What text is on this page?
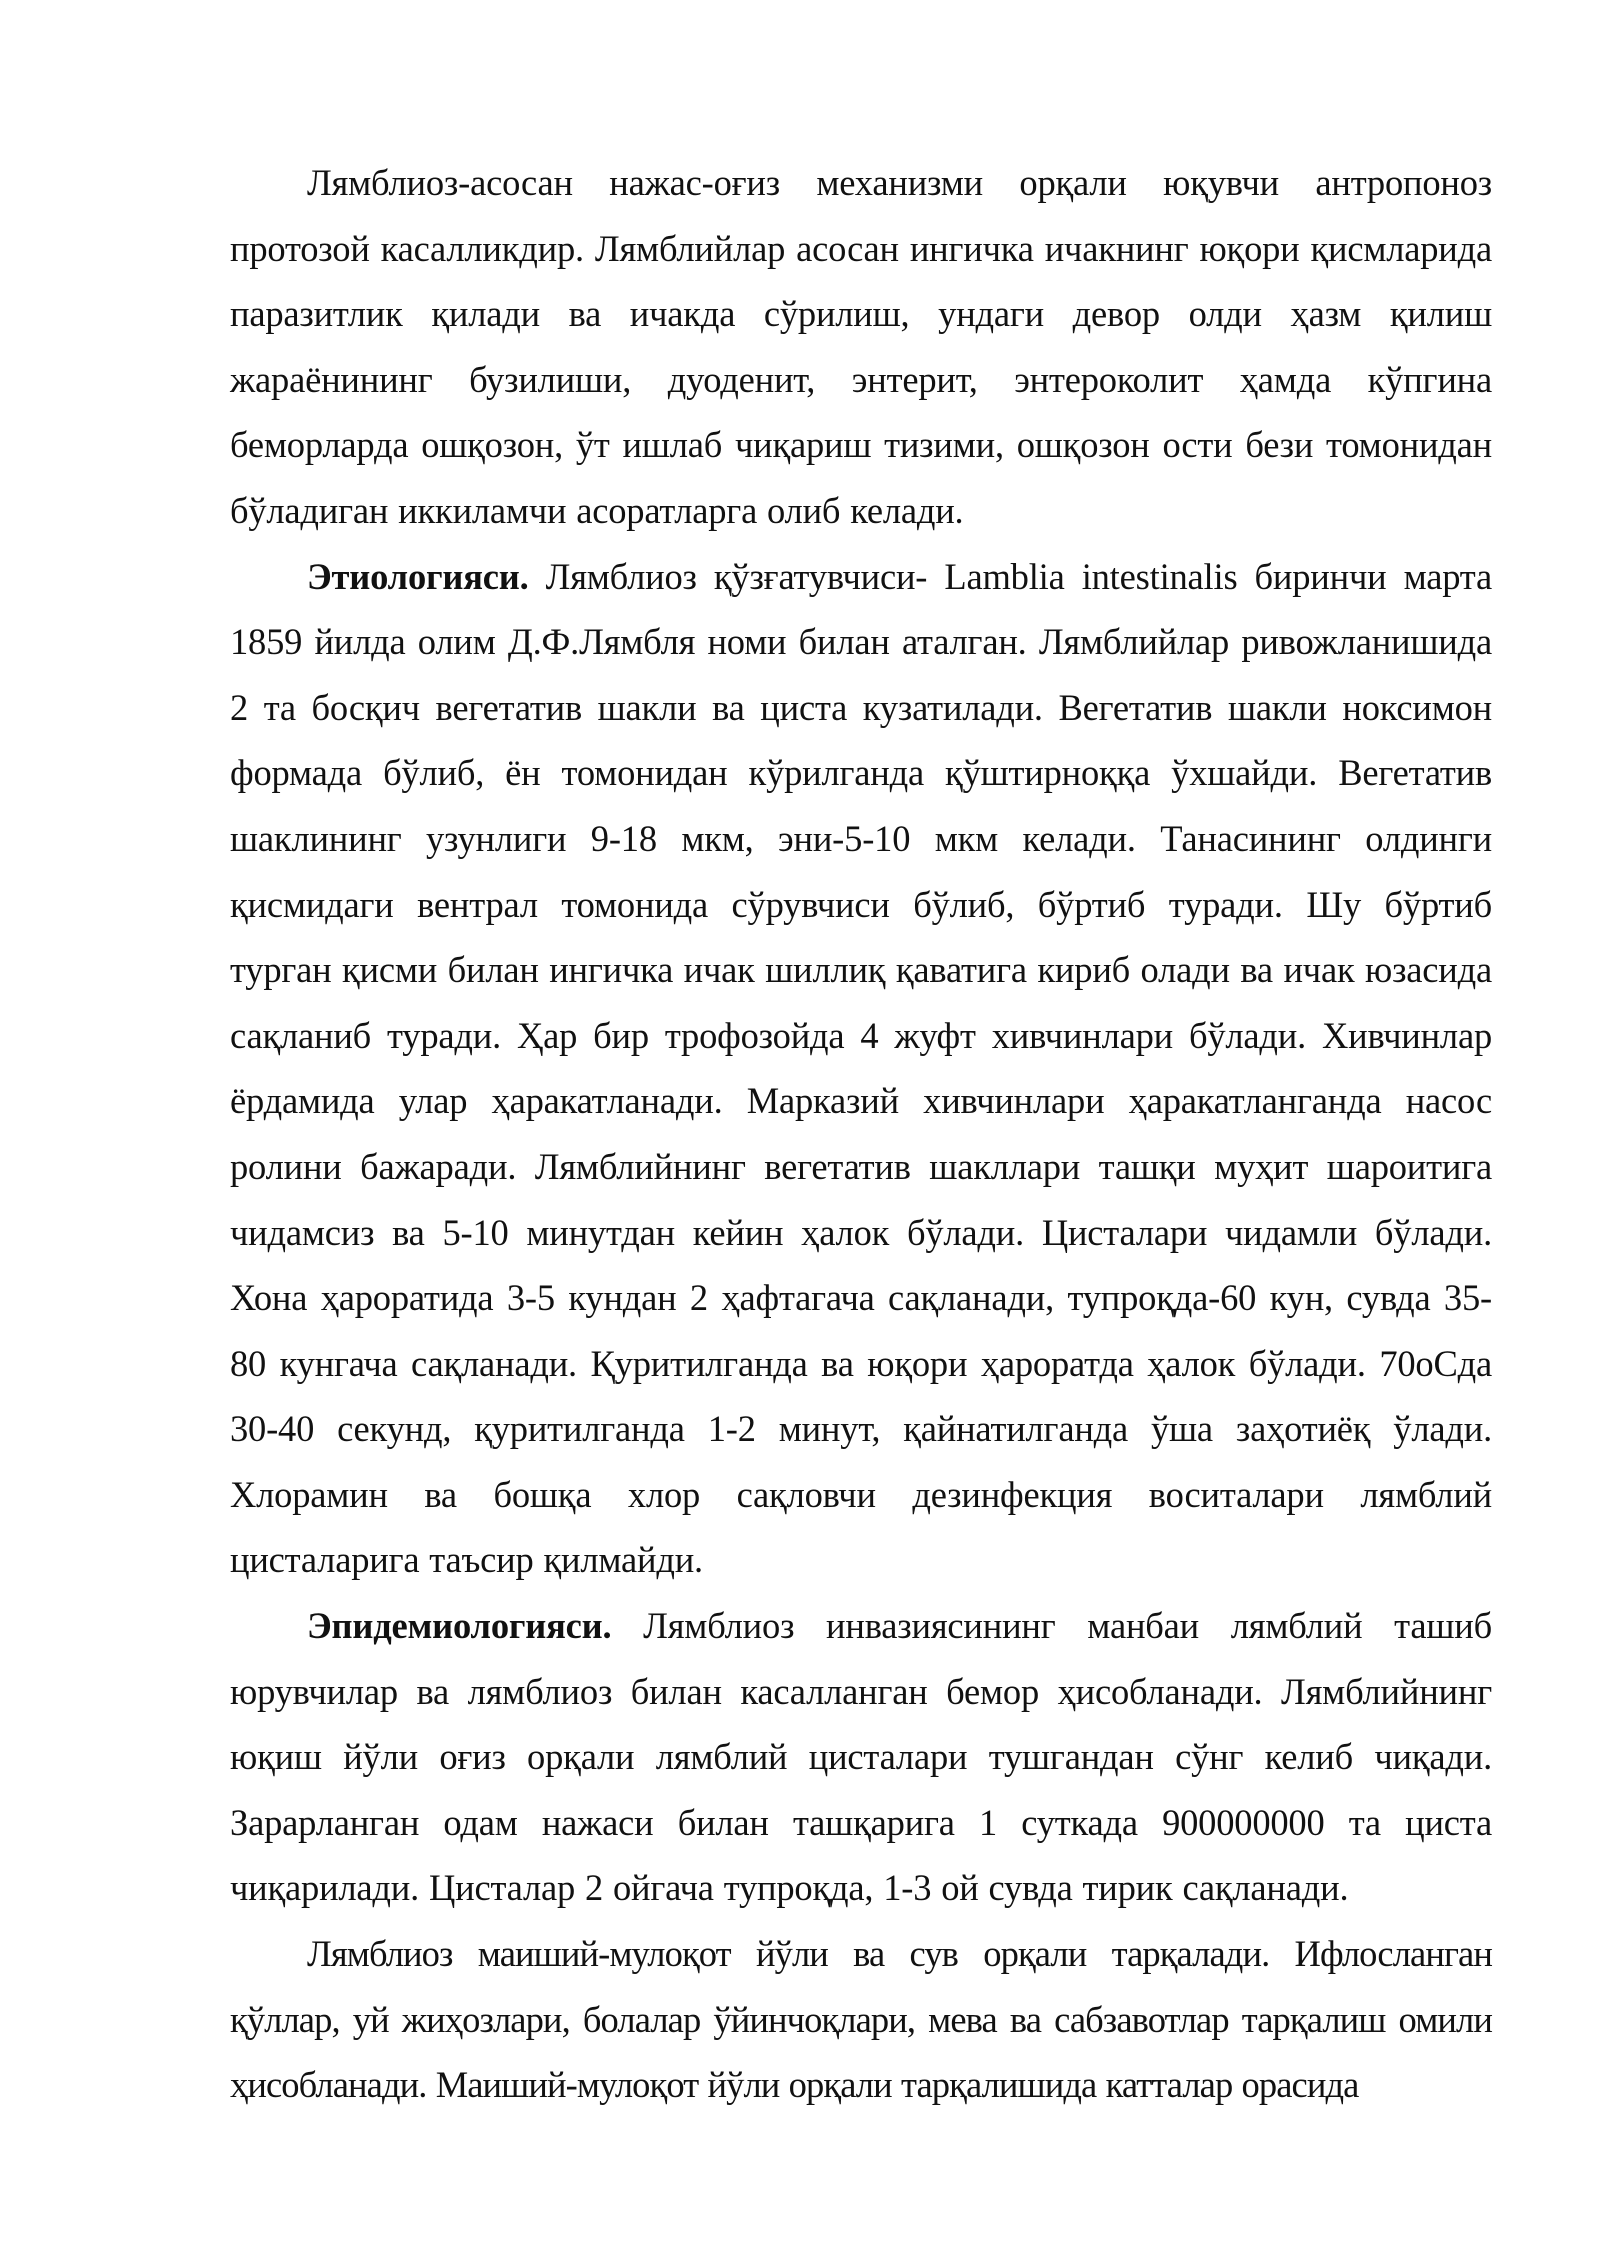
Лямблиоз-асосан нажас-оғиз механизми орқали юқувчи антропоноз протозой касалликдир. Лямблийлар асосан ингичка ичакнинг юқори қисмларида паразитлик қилади ва ичакда сўрилиш, ундаги девор олди ҳазм қилиш жараёнининг бузилиши, дуоденит, энтерит, энтероколит ҳамда кўпгина беморларда ошқозон, ўт ишлаб чиқариш тизими, ошқозон ости бези томонидан бўладиган иккиламчи асоратларга олиб келади.

Этиологияси. Лямблиоз қўзғатувчиси- Lamblia intestinalis биринчи марта 1859 йилда олим Д.Ф.Лямбля номи билан аталган. Лямблийлар ривожланишида 2 та босқич вегетатив шакли ва циста кузатилади. Вегетатив шакли ноксимон формада бўлиб, ён томонидан кўрилганда қўштирноққа ўхшайди. Вегетатив шаклининг узунлиги 9-18 мкм, эни-5-10 мкм келади. Танасининг олдинги қисмидаги вентрал томонида сўрувчиси бўлиб, бўртиб туради. Шу бўртиб турган қисми билан ингичка ичак шиллиқ қаватига кириб олади ва ичак юзасида сақланиб туради. Ҳар бир трофозойда 4 жуфт хивчинлари бўлади. Хивчинлар ёрдамида улар ҳаракатланади. Марказий хивчинлари ҳаракатланганда насос ролини бажаради. Лямблийнинг вегетатив шакллари ташқи муҳит шароитига чидамсиз ва 5-10 минутдан кейин ҳалок бўлади. Цисталари чидамли бўлади. Хона ҳароратида 3-5 кундан 2 ҳафтагача сақланади, тупроқда-60 кун, сувда 35-80 кунгача сақланади. Қуритилганда ва юқори ҳароратда ҳалок бўлади. 70оСда 30-40 секунд, қуритилганда 1-2 минут, қайнатилганда ўша заҳотиёқ ўлади. Хлорамин ва бошқа хлор сақловчи дезинфекция воситалари лямблий цисталарига таъсир қилмайди.

Эпидемиологияси. Лямблиоз инвазиясининг манбаи лямблий ташиб юрувчилар ва лямблиоз билан касалланган бемор ҳисобланади. Лямблийнинг юқиш йўли оғиз орқали лямблий цисталари тушгандан сўнг келиб чиқади. Зарарланган одам нажаси билан ташқарига 1 суткада 900000000 та циста чиқарилади. Цисталар 2 ойгача тупроқда, 1-3 ой сувда тирик сақланади.

Лямблиоз маиший-мулоқот йўли ва сув орқали тарқалади. Ифлосланган қўллар, уй жиҳозлари, болалар ўйинчоқлари, мева ва сабзавотлар тарқалиш омили ҳисобланади. Маиший-мулоқот йўли орқали тарқалишида катталар орасида
